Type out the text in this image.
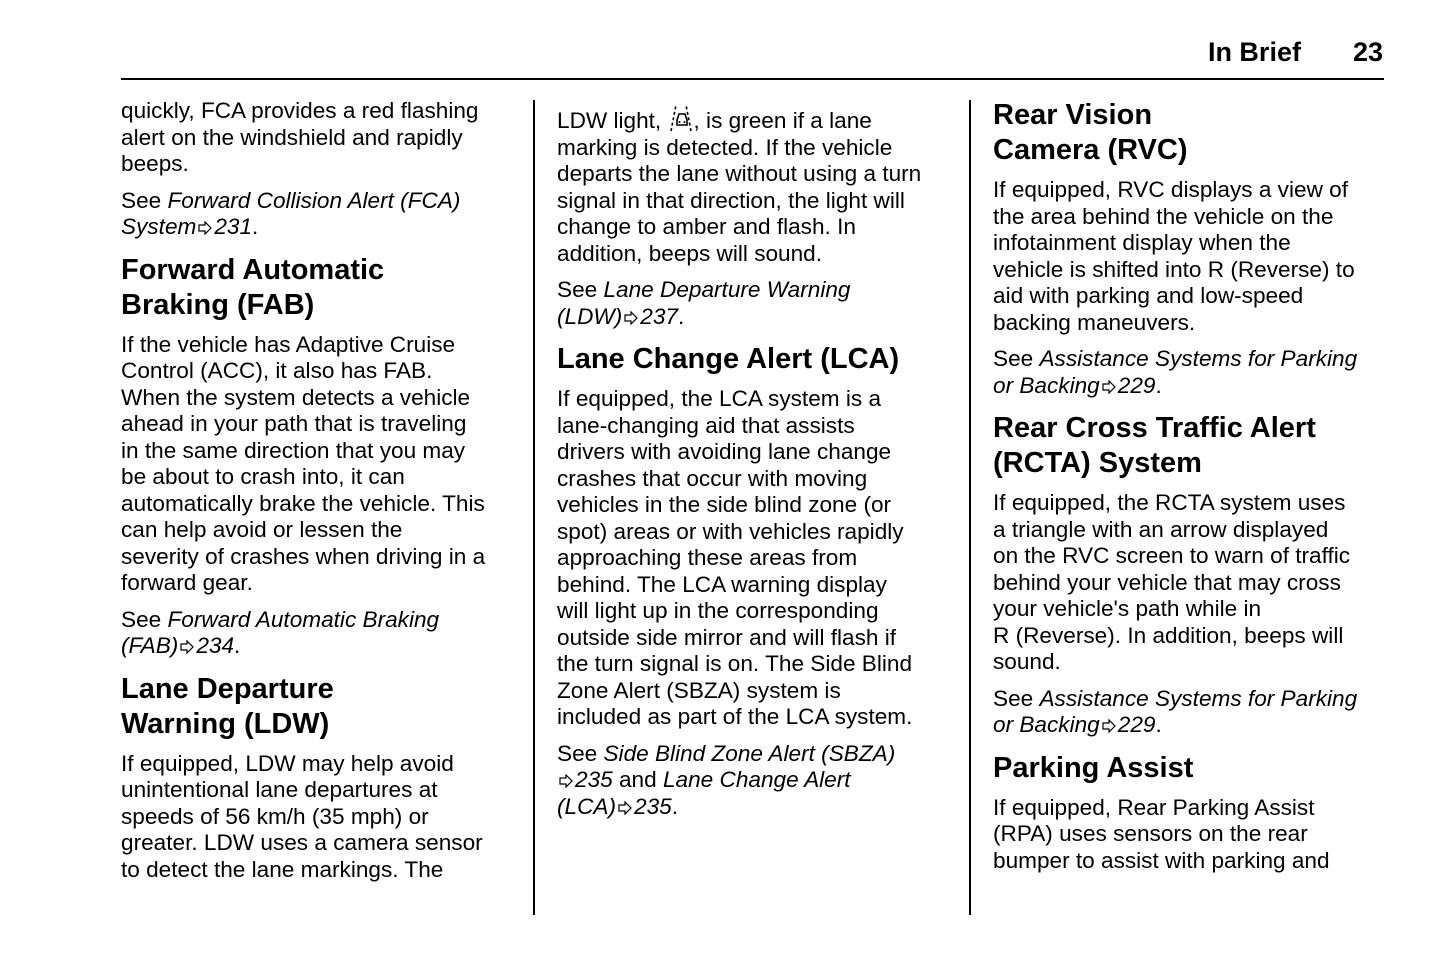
In Brief 23

quickly, FCA provides a red flashing
alert on the windshield and rapidly
beeps.

See Forward Collision Alert (FCA)
System 231.

Forward Automatic
Braking (FAB)

If the vehicle has Adaptive Cruise
Control (ACC), it also has FAB.
When the system detects a vehicle
ahead in your path that is traveling
in the same direction that you may
be about to crash into, it can
automatically brake the vehicle. This
can help avoid or lessen the
severity of crashes when driving in a
forward gear.

See Forward Automatic Braking
(FAB) 234.

Lane Departure
Warning (LDW)

If equipped, LDW may help avoid
unintentional lane departures at
speeds of 56 km/h (35 mph) or
greater. LDW uses a camera sensor
to detect the lane markings. The

LDW light, , is green if a lane
marking is detected. If the vehicle
departs the lane without using a turn
signal in that direction, the light will
change to amber and flash. In
addition, beeps will sound.

See Lane Departure Warning
(LDW) 237.

Lane Change Alert (LCA)

If equipped, the LCA system is a
lane-changing aid that assists
drivers with avoiding lane change
crashes that occur with moving
vehicles in the side blind zone (or
spot) areas or with vehicles rapidly
approaching these areas from
behind. The LCA warning display
will light up in the corresponding
outside side mirror and will flash if
the turn signal is on. The Side Blind
Zone Alert (SBZA) system is
included as part of the LCA system.

See Side Blind Zone Alert (SBZA)
235 and Lane Change Alert
(LCA) 235.

Rear Vision
Camera (RVC)

If equipped, RVC displays a view of
the area behind the vehicle on the
infotainment display when the
vehicle is shifted into R (Reverse) to
aid with parking and low-speed
backing maneuvers.

See Assistance Systems for Parking
or Backing 229.

Rear Cross Traffic Alert
(RCTA) System

If equipped, the RCTA system uses
a triangle with an arrow displayed
on the RVC screen to warn of traffic
behind your vehicle that may cross
your vehicle's path while in
R (Reverse). In addition, beeps will
sound.

See Assistance Systems for Parking
or Backing 229.

Parking Assist

If equipped, Rear Parking Assist
(RPA) uses sensors on the rear
bumper to assist with parking and
